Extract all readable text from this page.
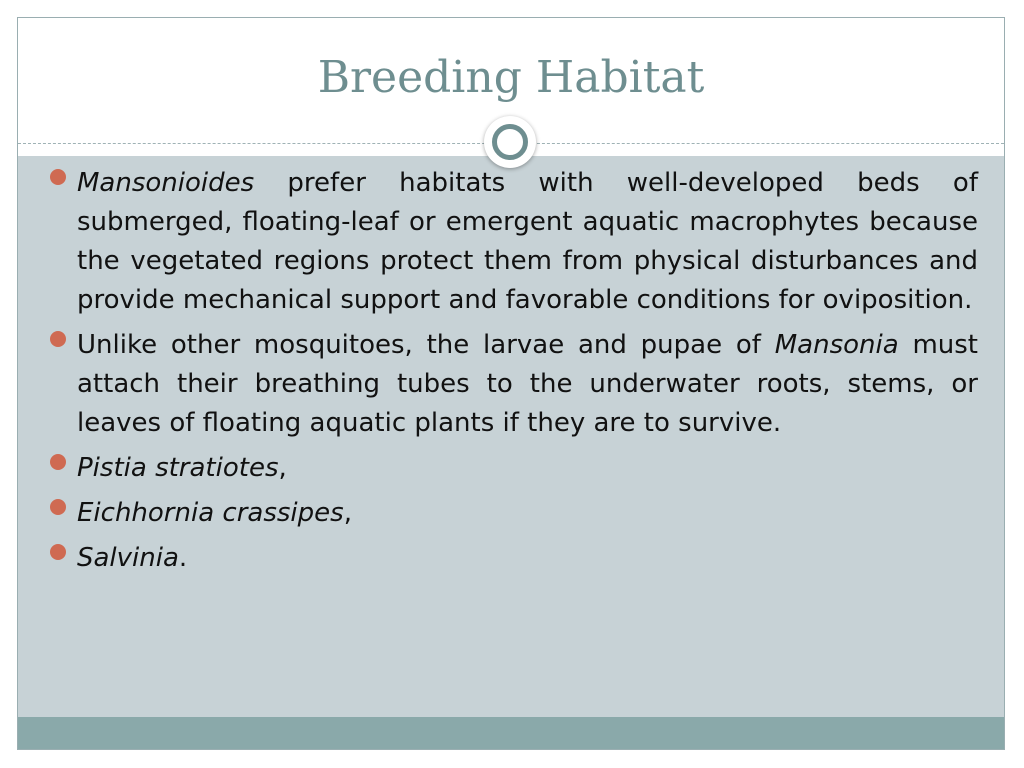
Breeding Habitat
Mansonioides prefer habitats with well-developed beds of submerged, floating-leaf or emergent aquatic macrophytes because the vegetated regions protect them from physical disturbances and provide mechanical support and favorable conditions for oviposition.
Unlike other mosquitoes, the larvae and pupae of Mansonia must attach their breathing tubes to the underwater roots, stems, or leaves of floating aquatic plants if they are to survive.
Pistia stratiotes,
Eichhornia crassipes,
Salvinia.
